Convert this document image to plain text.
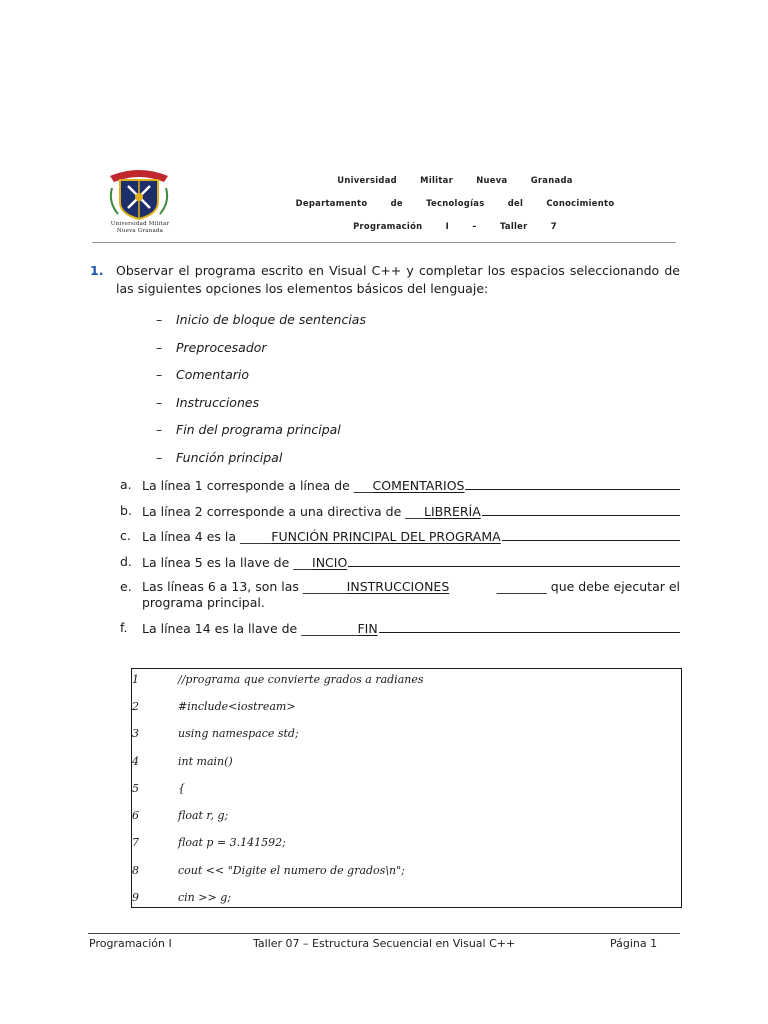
Universidad Militar
Nueva Granada
Universidad Militar Nueva Granada
Departamento de Tecnologías del Conocimiento
Programación I – Taller 7
1. Observar el programa escrito en Visual C++ y completar los espacios seleccionando de las siguientes opciones los elementos básicos del lenguaje:
– Inicio de bloque de sentencias
– Preprocesador
– Comentario
– Instrucciones
– Fin del programa principal
– Función principal
a. La línea 1 corresponde a línea de ___ COMENTARIOS
b. La línea 2 corresponde a una directiva de ___ LIBRERÍA
c. La línea 4 es la _____ FUNCIÓN PRINCIPAL DEL PROGRAMA
d. La línea 5 es la llave de ___ INCIO
e. Las líneas 6 a 13, son las _______ INSTRUCCIONES	________ que debe ejecutar el
programa principal.
f. La línea 14 es la llave de _________ FIN
1	//programa que convierte grados a radianes
2	#include<iostream>
3	using namespace std;
4	int main()
5	{
6	float r, g;
7	float p = 3.141592;
8	cout << "Digite el numero de grados\n";
9	cin >> g;
Programación I	Taller 07 – Estructura Secuencial en Visual C++	Página 1
